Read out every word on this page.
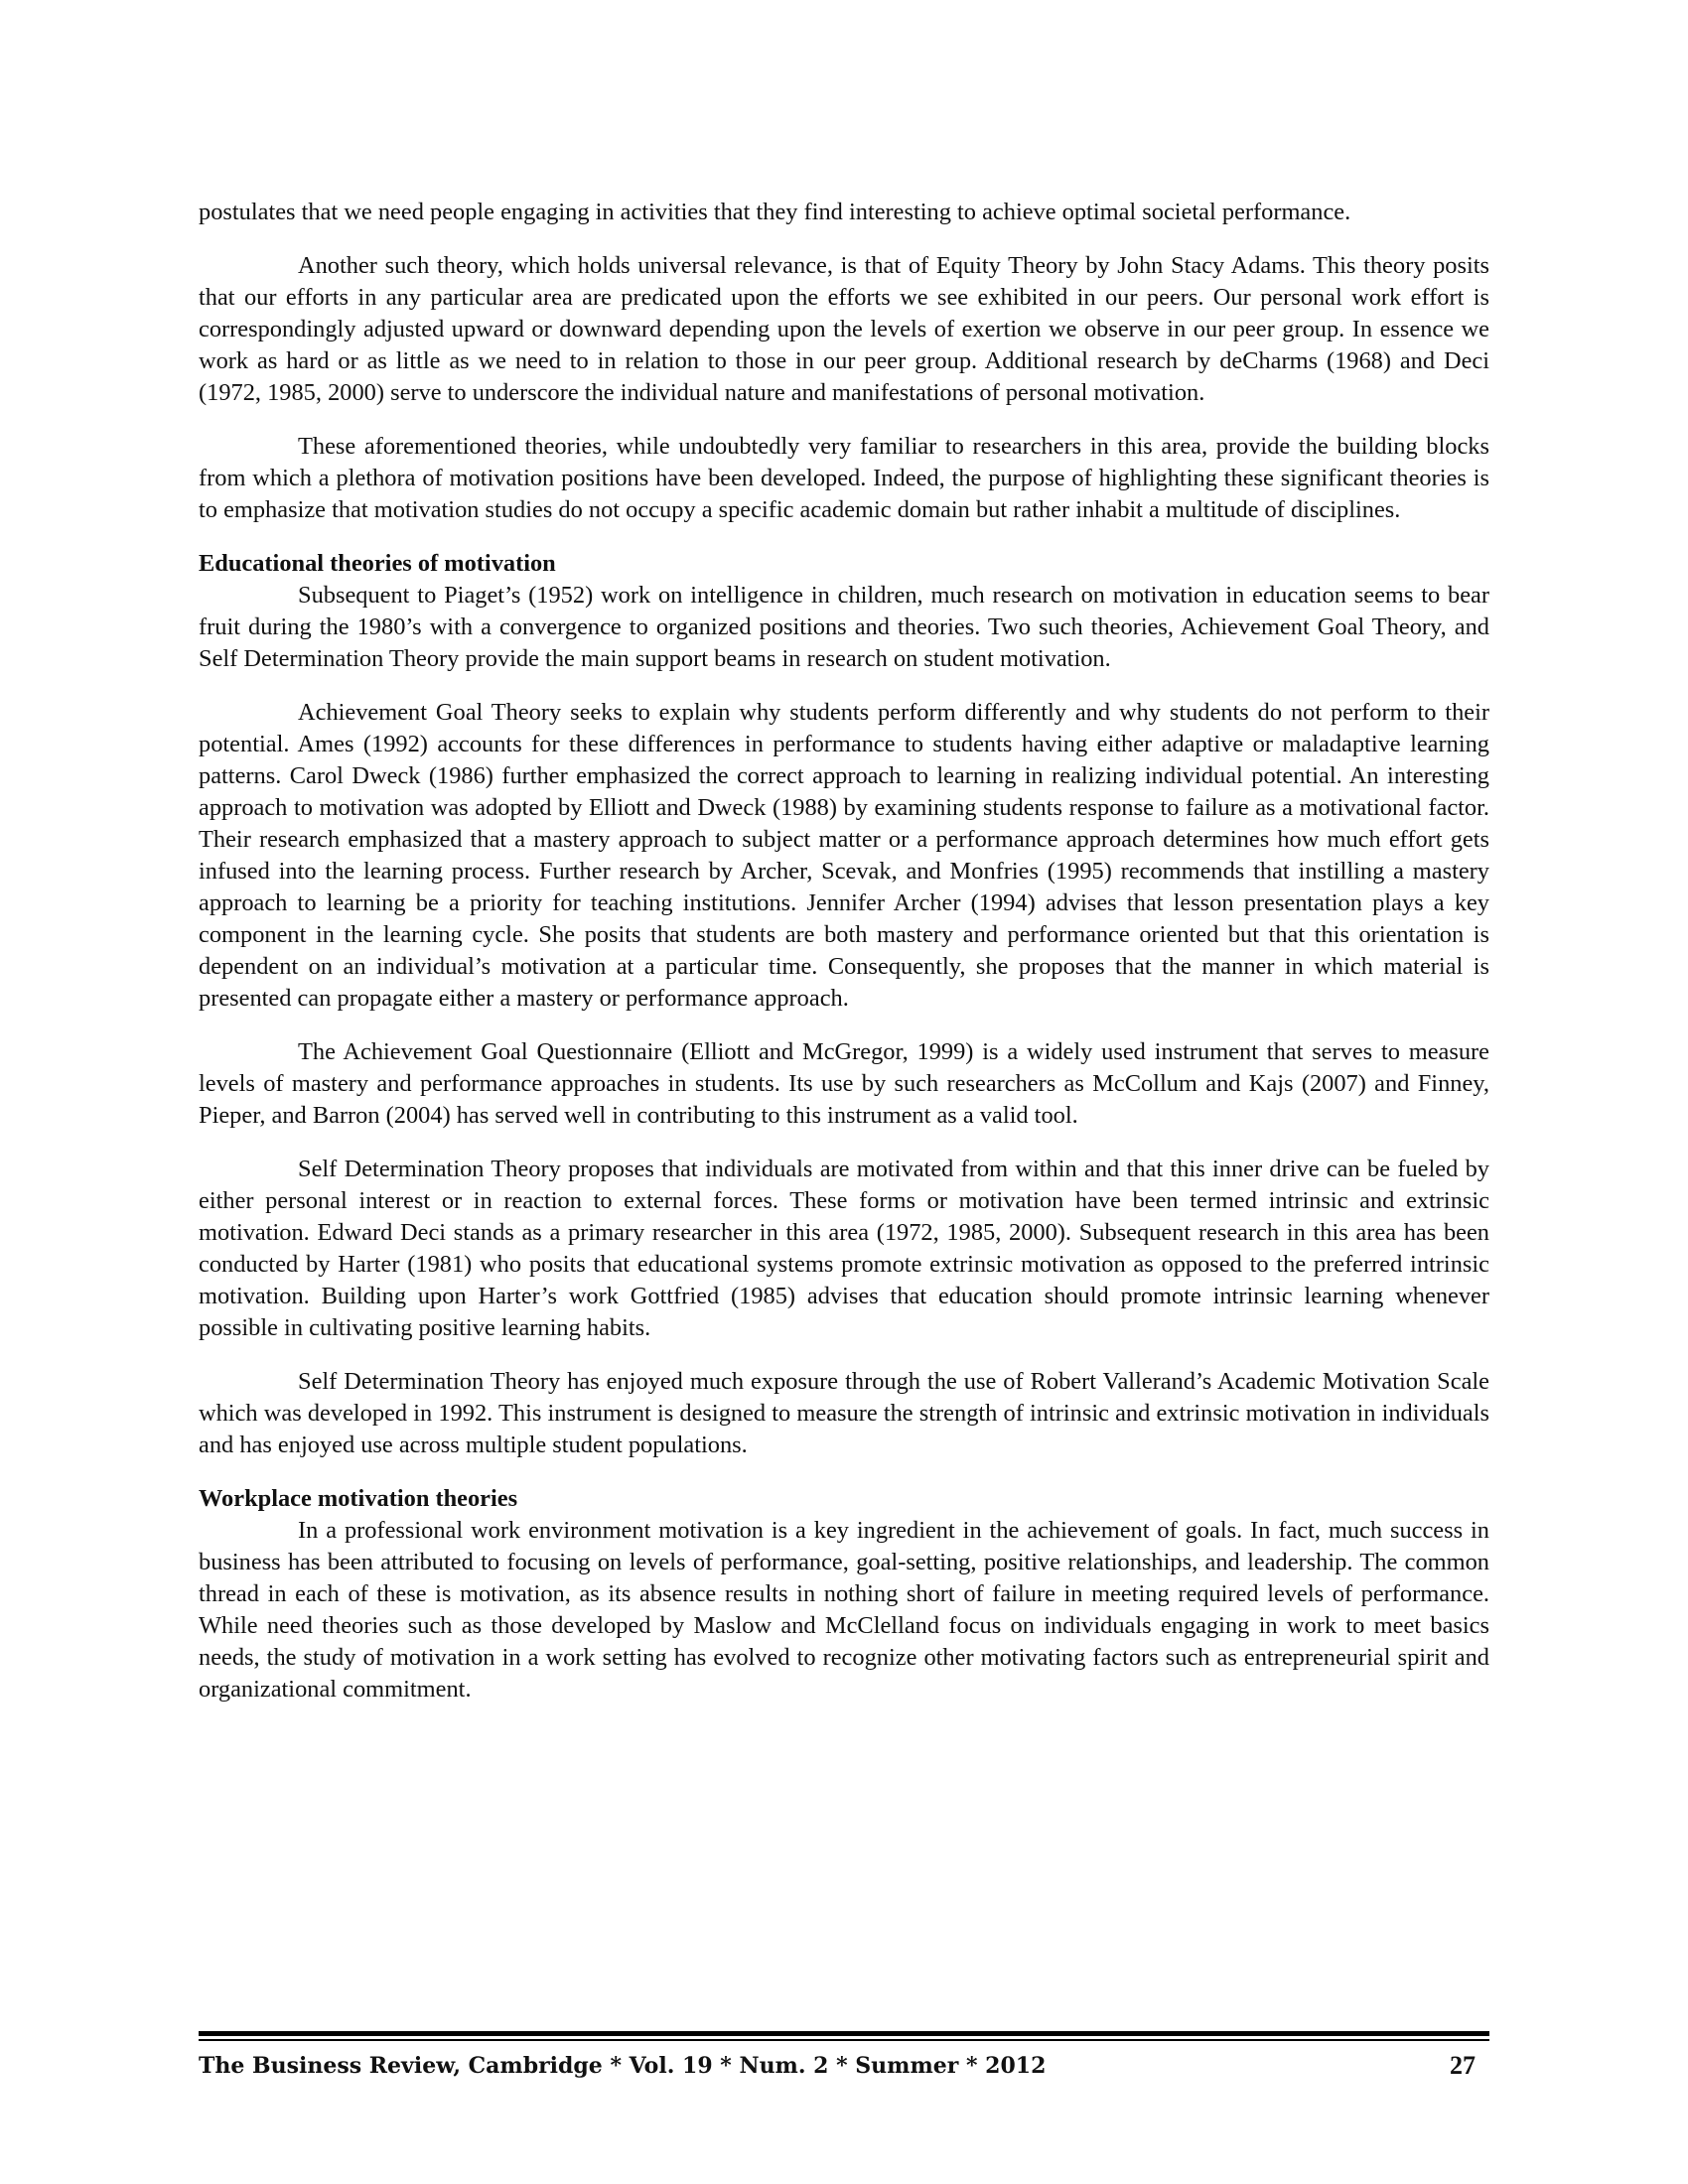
postulates that we need people engaging in activities that they find interesting to achieve optimal societal performance.

Another such theory, which holds universal relevance, is that of Equity Theory by John Stacy Adams. This theory posits that our efforts in any particular area are predicated upon the efforts we see exhibited in our peers. Our personal work effort is correspondingly adjusted upward or downward depending upon the levels of exertion we observe in our peer group. In essence we work as hard or as little as we need to in relation to those in our peer group. Additional research by deCharms (1968) and Deci (1972, 1985, 2000) serve to underscore the individual nature and manifestations of personal motivation.

These aforementioned theories, while undoubtedly very familiar to researchers in this area, provide the building blocks from which a plethora of motivation positions have been developed. Indeed, the purpose of highlighting these significant theories is to emphasize that motivation studies do not occupy a specific academic domain but rather inhabit a multitude of disciplines.

Educational theories of motivation

Subsequent to Piaget’s (1952) work on intelligence in children, much research on motivation in education seems to bear fruit during the 1980’s with a convergence to organized positions and theories. Two such theories, Achievement Goal Theory, and Self Determination Theory provide the main support beams in research on student motivation.

Achievement Goal Theory seeks to explain why students perform differently and why students do not perform to their potential. Ames (1992) accounts for these differences in performance to students having either adaptive or maladaptive learning patterns. Carol Dweck (1986) further emphasized the correct approach to learning in realizing individual potential. An interesting approach to motivation was adopted by Elliott and Dweck (1988) by examining students response to failure as a motivational factor. Their research emphasized that a mastery approach to subject matter or a performance approach determines how much effort gets infused into the learning process. Further research by Archer, Scevak, and Monfries (1995) recommends that instilling a mastery approach to learning be a priority for teaching institutions. Jennifer Archer (1994) advises that lesson presentation plays a key component in the learning cycle. She posits that students are both mastery and performance oriented but that this orientation is dependent on an individual’s motivation at a particular time. Consequently, she proposes that the manner in which material is presented can propagate either a mastery or performance approach.

The Achievement Goal Questionnaire (Elliott and McGregor, 1999) is a widely used instrument that serves to measure levels of mastery and performance approaches in students. Its use by such researchers as McCollum and Kajs (2007) and Finney, Pieper, and Barron (2004) has served well in contributing to this instrument as a valid tool.

Self Determination Theory proposes that individuals are motivated from within and that this inner drive can be fueled by either personal interest or in reaction to external forces. These forms or motivation have been termed intrinsic and extrinsic motivation. Edward Deci stands as a primary researcher in this area (1972, 1985, 2000). Subsequent research in this area has been conducted by Harter (1981) who posits that educational systems promote extrinsic motivation as opposed to the preferred intrinsic motivation. Building upon Harter’s work Gottfried (1985) advises that education should promote intrinsic learning whenever possible in cultivating positive learning habits.

Self Determination Theory has enjoyed much exposure through the use of Robert Vallerand’s Academic Motivation Scale which was developed in 1992. This instrument is designed to measure the strength of intrinsic and extrinsic motivation in individuals and has enjoyed use across multiple student populations.

Workplace motivation theories

In a professional work environment motivation is a key ingredient in the achievement of goals. In fact, much success in business has been attributed to focusing on levels of performance, goal-setting, positive relationships, and leadership. The common thread in each of these is motivation, as its absence results in nothing short of failure in meeting required levels of performance. While need theories such as those developed by Maslow and McClelland focus on individuals engaging in work to meet basics needs, the study of motivation in a work setting has evolved to recognize other motivating factors such as entrepreneurial spirit and organizational commitment.

The Business Review, Cambridge * Vol. 19 * Num. 2 * Summer * 2012	27
